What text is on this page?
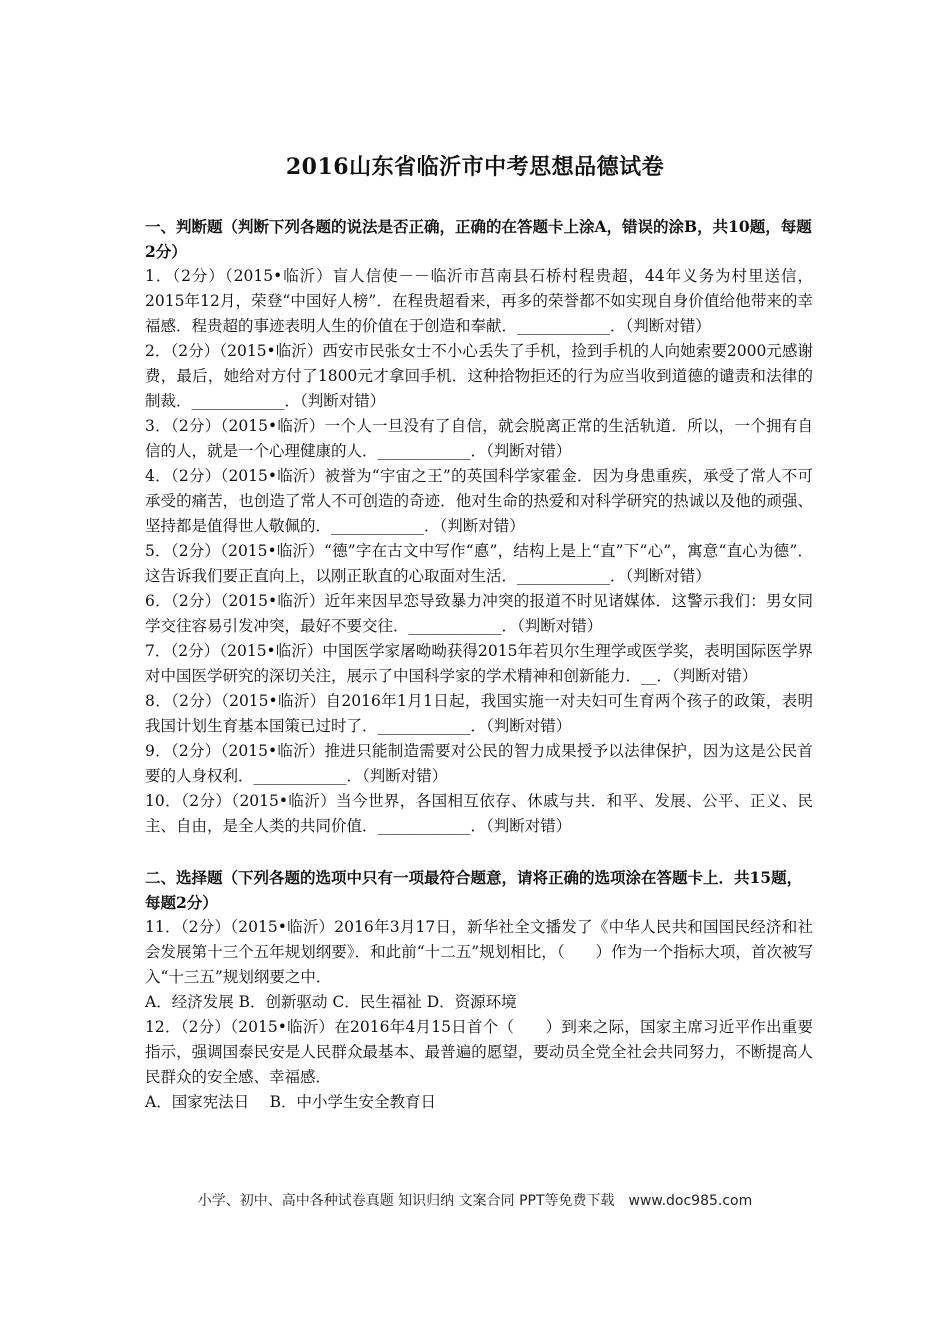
2016山东省临沂市中考思想品德试卷

一、判断题（判断下列各题的说法是否正确，正确的在答题卡上涂A，错误的涂B，共10题，每题2分）

1．（2分）（2015•临沂）盲人信使－－临沂市莒南县石桥村程贵超，44年义务为村里送信，2015年12月，荣登“中国好人榜”．在程贵超看来，再多的荣誉都不如实现自身价值给他带来的幸福感．程贵超的事迹表明人生的价值在于创造和奉献．____________．（判断对错）

2．（2分）（2015•临沂）西安市民张女士不小心丢失了手机，捡到手机的人向她索要2000元感谢费，最后，她给对方付了1800元才拿回手机．这种拾物拒还的行为应当收到道德的谴责和法律的制裁．____________．（判断对错）

3．（2分）（2015•临沂）一个人一旦没有了自信，就会脱离正常的生活轨道．所以，一个拥有自信的人，就是一个心理健康的人．____________．（判断对错）

4．（2分）（2015•临沂）被誉为“宇宙之王”的英国科学家霍金．因为身患重疾，承受了常人不可承受的痛苦，也创造了常人不可创造的奇迹．他对生命的热爱和对科学研究的热诚以及他的顽强、坚持都是值得世人敬佩的．____________．（判断对错）

5．（2分）（2015•临沂）“德”字在古文中写作“悳”，结构上是上“直”下“心”，寓意“直心为德”．这告诉我们要正直向上，以刚正耿直的心取面对生活．____________．（判断对错）

6．（2分）（2015•临沂）近年来因早恋导致暴力冲突的报道不时见诸媒体．这警示我们：男女同学交往容易引发冲突，最好不要交往．____________．（判断对错）

7．（2分）（2015•临沂）中国医学家屠呦呦获得2015年若贝尔生理学或医学奖，表明国际医学界对中国医学研究的深切关注，展示了中国科学家的学术精神和创新能力．__．（判断对错）

8．（2分）（2015•临沂）自2016年1月1日起，我国实施一对夫妇可生育两个孩子的政策，表明我国计划生育基本国策已过时了．____________．（判断对错）

9．（2分）（2015•临沂）推进只能制造需要对公民的智力成果授予以法律保护，因为这是公民首要的人身权利．____________．（判断对错）

10．（2分）（2015•临沂）当今世界，各国相互依存、休戚与共．和平、发展、公平、正义、民主、自由，是全人类的共同价值．____________．（判断对错）

二、选择题（下列各题的选项中只有一项最符合题意，请将正确的选项涂在答题卡上．共15题，每题2分）

11．（2分）（2015•临沂）2016年3月17日，新华社全文播发了《中华人民共和国国民经济和社会发展第十三个五年规划纲要》．和此前“十二五”规划相比，（　　）作为一个指标大项，首次被写入“十三五”规划纲要之中．

A．经济发展 B．创新驱动 C．民生福祉 D．资源环境

12．（2分）（2015•临沂）在2016年4月15日首个（　　）到来之际，国家主席习近平作出重要指示，强调国泰民安是人民群众最基本、最普遍的愿望，要动员全党全社会共同努力，不断提高人民群众的安全感、幸福感．

A．国家宪法日　 B．中小学生安全教育日

小学、初中、高中各种试卷真题 知识归纳 文案合同 PPT等免费下载　www.doc985.com
